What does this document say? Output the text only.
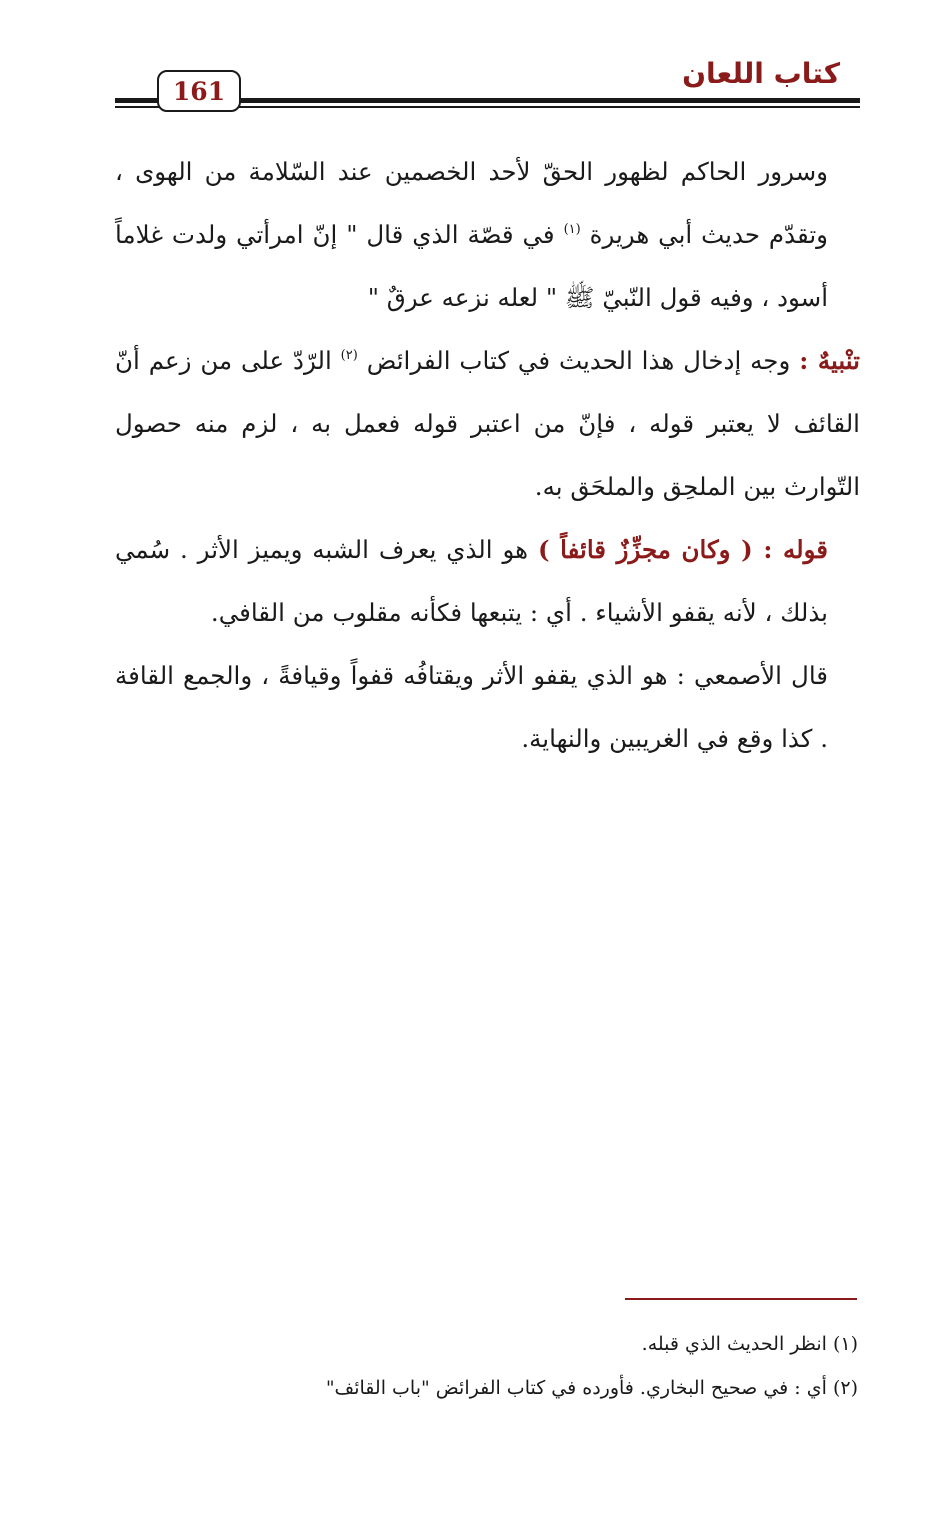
كتاب اللعان
161

وسرور الحاكم لظهور الحقّ لأحد الخصمين عند السّلامة من الهوى ، وتقدّم حديث أبي هريرة $^{(١)}$ في قصّة الذي قال " إنّ امرأتي ولدت غلاماً أسود ، وفيه قول النّبيّ ﷺ " لعله نزعه عرقٌ "

تنْبيهٌ : وجه إدخال هذا الحديث في كتاب الفرائض $^{(٢)}$ الرّدّ على من زعم أنّ القائف لا يعتبر قوله ، فإنّ من اعتبر قوله فعمل به ، لزم منه حصول التّوارث بين الملحِق والملحَق به.

قوله : ( وكان مجزِّزٌ قائفاً ) هو الذي يعرف الشبه ويميز الأثر . سُمي بذلك ، لأنه يقفو الأشياء . أي : يتبعها فكأنه مقلوب من القافي.

قال الأصمعي : هو الذي يقفو الأثر ويقتافُه قفواً وقيافةً ، والجمع القافة . كذا وقع في الغريبين والنهاية.

(١) انظر الحديث الذي قبله.

(٢) أي : في صحيح البخاري. فأورده في كتاب الفرائض "باب القائف"
